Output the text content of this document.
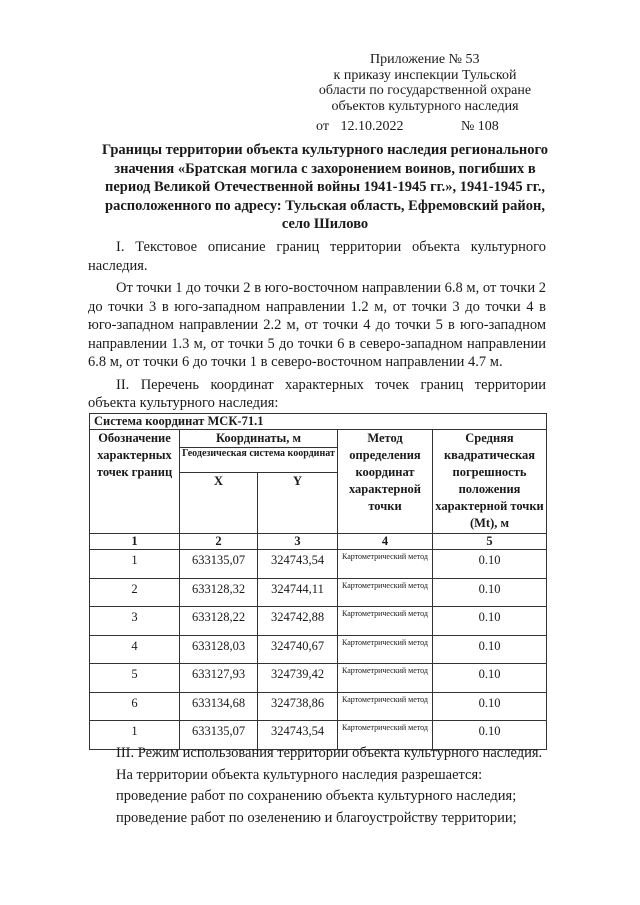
Приложение № 53
к приказу инспекции Тульской
области по государственной охране
объектов культурного наследия
от 12.10.2022	№ 108
Границы территории объекта культурного наследия регионального значения «Братская могила с захоронением воинов, погибших в период Великой Отечественной войны 1941-1945 гг.», 1941-1945 гг., расположенного по адресу: Тульская область, Ефремовский район, село Шилово

I. Текстовое описание границ территории объекта культурного наследия.

От точки 1 до точки 2 в юго-восточном направлении 6.8 м, от точки 2 до точки 3 в юго-западном направлении 1.2 м, от точки 3 до точки 4 в юго-западном направлении 2.2 м, от точки 4 до точки 5 в юго-западном направлении 1.3 м, от точки 5 до точки 6 в северо-западном направлении 6.8 м, от точки 6 до точки 1 в северо-восточном направлении 4.7 м.

II. Перечень координат характерных точек границ территории объекта культурного наследия:

Система координат МСК-71.1				
Обозначение характерных точек границ	Координаты, м		Метод определения координат характерной точки	Средняя квадратическая погрешность положения характерной точки (Mt), м
	Геодезическая система координат			
	X	Y		
1	2	3	4	5
1	633135,07	324743,54	Картометрический метод	0.10
2	633128,32	324744,11	Картометрический метод	0.10
3	633128,22	324742,88	Картометрический метод	0.10
4	633128,03	324740,67	Картометрический метод	0.10
5	633127,93	324739,42	Картометрический метод	0.10
6	633134,68	324738,86	Картометрический метод	0.10
1	633135,07	324743,54	Картометрический метод	0.10

III. Режим использования территории объекта культурного наследия.

На территории объекта культурного наследия разрешается:

проведение работ по сохранению объекта культурного наследия;

проведение работ по озеленению и благоустройству территории;
